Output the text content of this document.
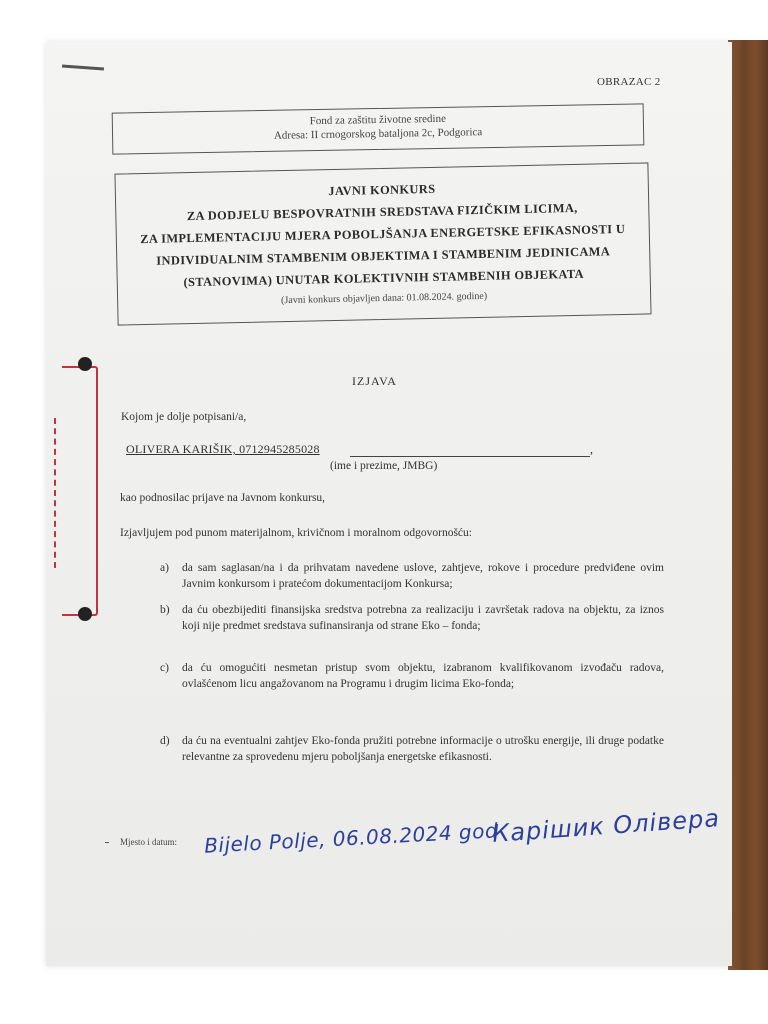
OBRAZAC 2
Fond za zaštitu životne sredine
Adresa: II crnogorskog bataljona 2c, Podgorica
JAVNI KONKURS
ZA DODJELU BESPOVRATNIH SREDSTAVA FIZIČKIM LICIMA,
ZA IMPLEMENTACIJU MJERA POBOLJŠANJA ENERGETSKE EFIKASNOSTI U
INDIVIDUALNIM STAMBENIM OBJEKTIMA I STAMBENIM JEDINICAMA
(STANOVIMA) UNUTAR KOLEKTIVNIH STAMBENIH OBJEKATA
(Javni konkurs objavljen dana: 01.08.2024. godine)
IZJAVA
Kojom je dolje potpisani/a,
OLIVERA KARIŠIK, 0712945285028	,
(ime i prezime, JMBG)
kao podnosilac prijave na Javnom konkursu,
Izjavljujem pod punom materijalnom, krivičnom i moralnom odgovornošću:
a) da sam saglasan/na i da prihvatam navedene uslove, zahtjeve, rokove i procedure predviđene ovim Javnim konkursom i pratećom dokumentacijom Konkursa;
b) da ću obezbijediti finansijska sredstva potrebna za realizaciju i završetak radova na objektu, za iznos koji nije predmet sredstava sufinansiranja od strane Eko – fonda;
c) da ću omogućiti nesmetan pristup svom objektu, izabranom kvalifikovanom izvođaču radova, ovlašćenom licu angažovanom na Programu i drugim licima Eko-fonda;
d) da ću na eventualni zahtjev Eko-fonda pružiti potrebne informacije o utrošku energije, ili druge podatke relevantne za sprovedenu mjeru poboljšanja energetske efikasnosti.
Mjesto i datum: Bijelo Polje, 06.08.2024 god
Карішик Олівера
